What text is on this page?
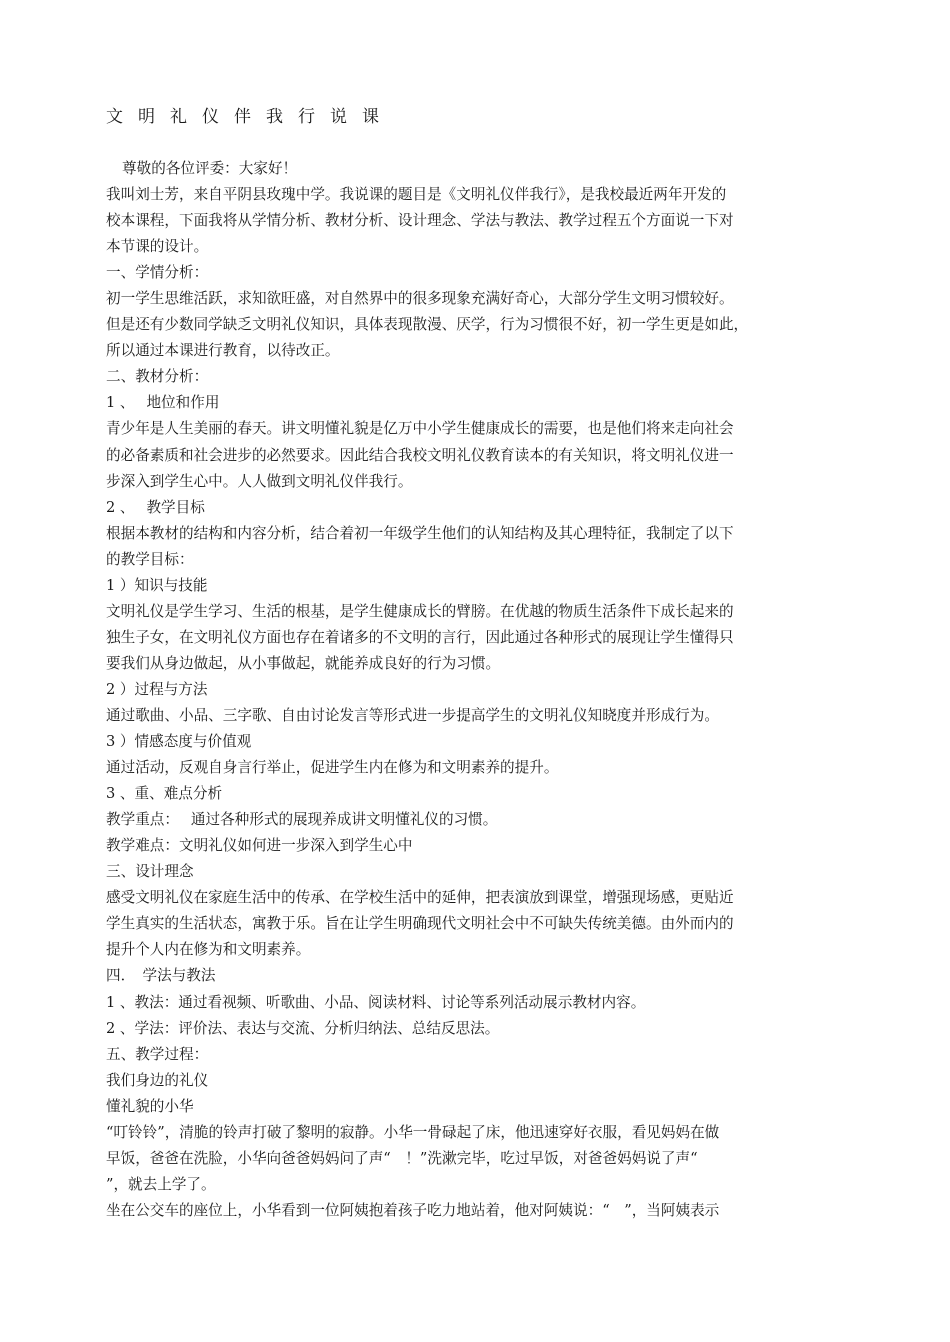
文明礼仪伴我行说课
尊敬的各位评委：大家好！
我叫刘士芳，来自平阴县玫瑰中学。我说课的题目是《文明礼仪伴我行》，是我校最近两年开发的
校本课程，下面我将从学情分析、教材分析、设计理念、学法与教法、教学过程五个方面说一下对
本节课的设计。
一、学情分析：
初一学生思维活跃，求知欲旺盛，对自然界中的很多现象充满好奇心，大部分学生文明习惯较好。
但是还有少数同学缺乏文明礼仪知识，具体表现散漫、厌学，行为习惯很不好，初一学生更是如此，
所以通过本课进行教育，以待改正。
二、教材分析：
1 、　 地位和作用
青少年是人生美丽的春天。讲文明懂礼貌是亿万中小学生健康成长的需要，也是他们将来走向社会
的必备素质和社会进步的必然要求。因此结合我校文明礼仪教育读本的有关知识，将文明礼仪进一
步深入到学生心中。人人做到文明礼仪伴我行。
2 、　 教学目标
根据本教材的结构和内容分析，结合着初一年级学生他们的认知结构及其心理特征，我制定了以下
的教学目标：
1 ）知识与技能
文明礼仪是学生学习、生活的根基，是学生健康成长的臂膀。在优越的物质生活条件下成长起来的
独生子女，在文明礼仪方面也存在着诸多的不文明的言行，因此通过各种形式的展现让学生懂得只
要我们从身边做起，从小事做起，就能养成良好的行为习惯。
2 ）过程与方法
通过歌曲、小品、三字歌、自由讨论发言等形式进一步提高学生的文明礼仪知晓度并形成行为。
3 ）情感态度与价值观
通过活动，反观自身言行举止，促进学生内在修为和文明素养的提升。
3 、重、难点分析
教学重点：　 通过各种形式的展现养成讲文明懂礼仪的习惯。
教学难点：文明礼仪如何进一步深入到学生心中
三、设计理念
感受文明礼仪在家庭生活中的传承、在学校生活中的延伸，把表演放到课堂，增强现场感，更贴近
学生真实的生活状态，寓教于乐。旨在让学生明确现代文明社会中不可缺失传统美德。由外而内的
提升个人内在修为和文明素养。
四．　学法与教法
1 、教法：通过看视频、听歌曲、小品、阅读材料、讨论等系列活动展示教材内容。
2 、学法：评价法、表达与交流、分析归纳法、总结反思法。
五、教学过程：
我们身边的礼仪
懂礼貌的小华
“叮铃铃”，清脆的铃声打破了黎明的寂静。小华一骨碌起了床，他迅速穿好衣服，看见妈妈在做
早饭，爸爸在洗脸，小华向爸爸妈妈问了声“　！”洗漱完毕，吃过早饭，对爸爸妈妈说了声“
”，就去上学了。
坐在公交车的座位上，小华看到一位阿姨抱着孩子吃力地站着，他对阿姨说：“　”，当阿姨表示
